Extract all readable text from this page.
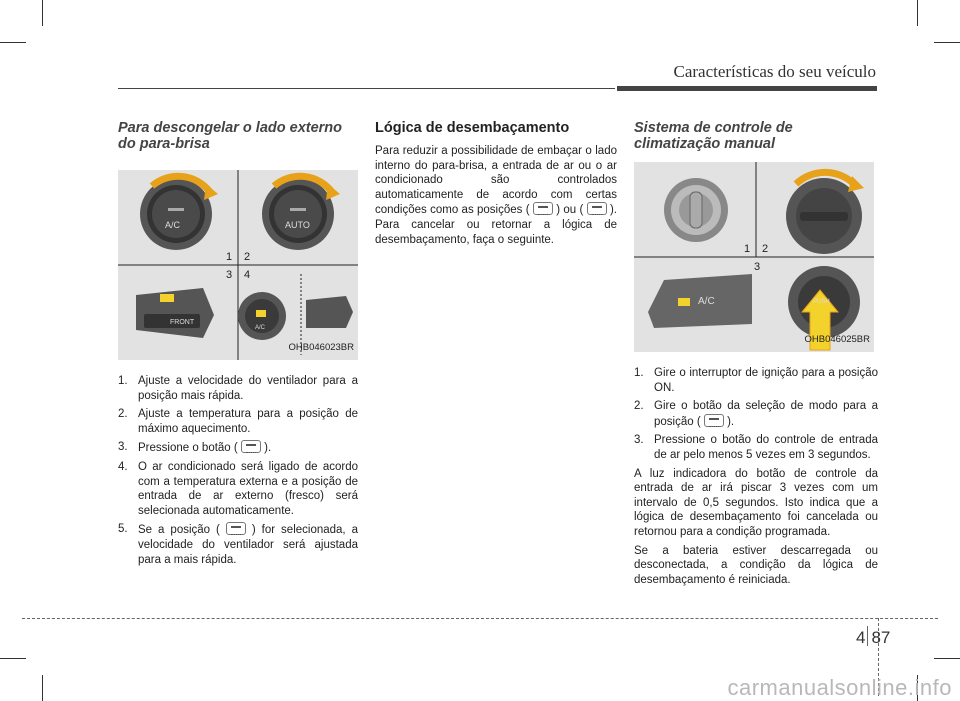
Características do seu veículo
Para descongelar o lado externo do para-brisa
1 2
3 4
A/C	AUTO
FRONT
A/C
OHB046023BR
1. Ajuste a velocidade do ventilador para a posição mais rápida.
2. Ajuste a temperatura para a posição de máximo aquecimento.
3. Pressione o botão ( ).
4. O ar condicionado será ligado de acordo com a temperatura externa e a posição de entrada de ar externo (fresco) será selecionada automaticamente.
5. Se a posição (	) for selecionada, a velocidade do ventilador será ajustada para a mais rápida.
Lógica de desembaçamento

Para reduzir a possibilidade de embaçar o lado interno do para-brisa, a entrada de ar ou o ar condicionado são controlados automaticamente de acordo com certas condições como as posições ( ) ou ( ). Para cancelar ou retornar a lógica de desembaçamento, faça o seguinte.

Sistema de controle de climatização manual
1 2
3
A/C	PUSH
OHB046025BR
1. Gire o interruptor de ignição para a posição ON.
2. Gire o botão da seleção de modo para a posição ( ).
3. Pressione o botão do controle de entrada de ar pelo menos 5 vezes em 3 segundos.

A luz indicadora do botão de controle da entrada de ar irá piscar 3 vezes com um intervalo de 0,5 segundos. Isto indica que a lógica de desembaçamento foi cancelada ou retornou para a condição programada.

Se a bateria estiver descarregada ou desconectada, a condição da lógica de desembaçamento é reiniciada.

4 87
carmanualsonline.info
